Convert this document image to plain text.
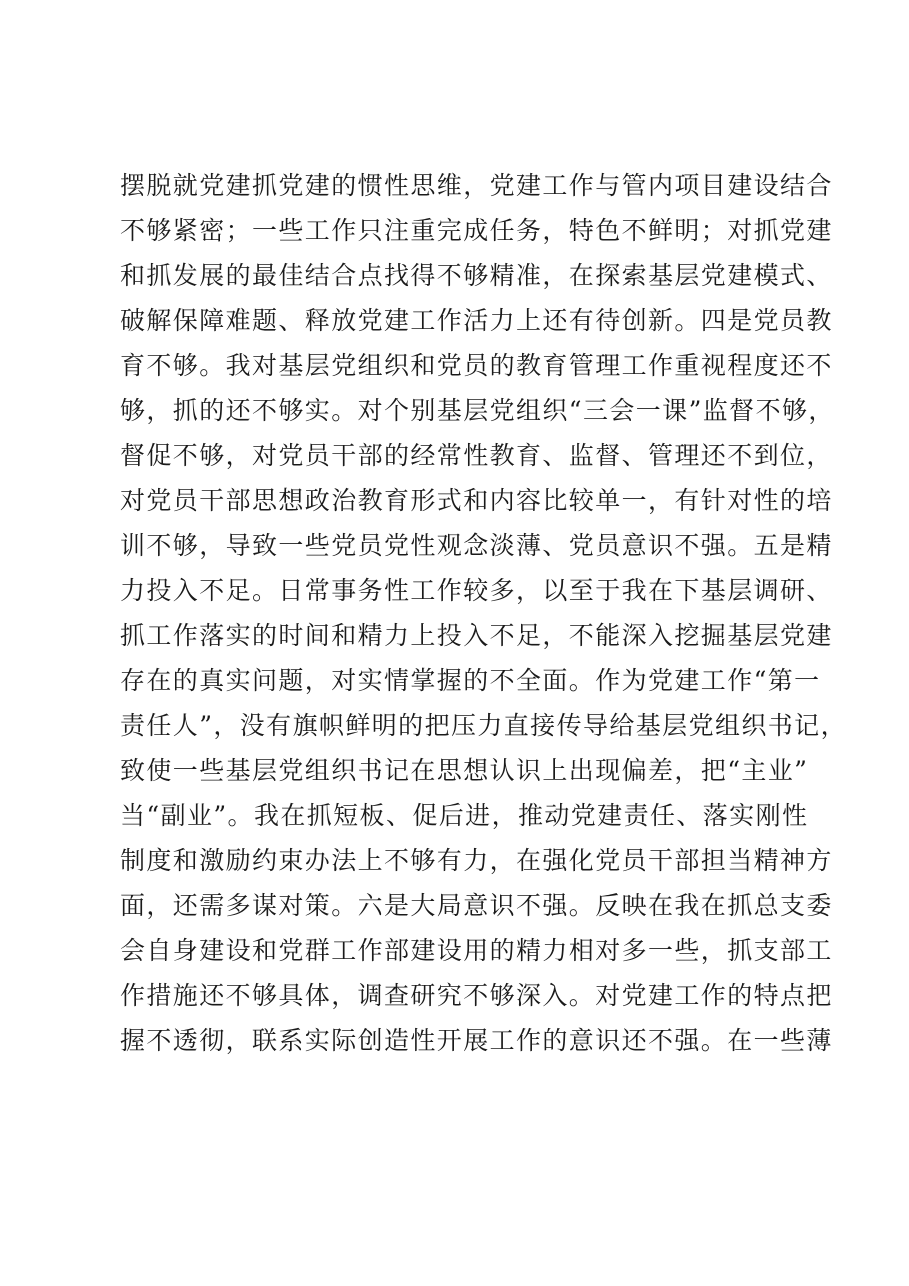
摆脱就党建抓党建的惯性思维，党建工作与管内项目建设结合
不够紧密；一些工作只注重完成任务，特色不鲜明；对抓党建
和抓发展的最佳结合点找得不够精准，在探索基层党建模式、
破解保障难题、释放党建工作活力上还有待创新。四是党员教
育不够。我对基层党组织和党员的教育管理工作重视程度还不
够，抓的还不够实。对个别基层党组织“三会一课”监督不够，
督促不够，对党员干部的经常性教育、监督、管理还不到位，
对党员干部思想政治教育形式和内容比较单一，有针对性的培
训不够，导致一些党员党性观念淡薄、党员意识不强。五是精
力投入不足。日常事务性工作较多，以至于我在下基层调研、
抓工作落实的时间和精力上投入不足，不能深入挖掘基层党建
存在的真实问题，对实情掌握的不全面。作为党建工作“第一
责任人”，没有旗帜鲜明的把压力直接传导给基层党组织书记，
致使一些基层党组织书记在思想认识上出现偏差，把“主业”
当“副业”。我在抓短板、促后进，推动党建责任、落实刚性
制度和激励约束办法上不够有力，在强化党员干部担当精神方
面，还需多谋对策。六是大局意识不强。反映在我在抓总支委
会自身建设和党群工作部建设用的精力相对多一些，抓支部工
作措施还不够具体，调查研究不够深入。对党建工作的特点把
握不透彻，联系实际创造性开展工作的意识还不强。在一些薄
